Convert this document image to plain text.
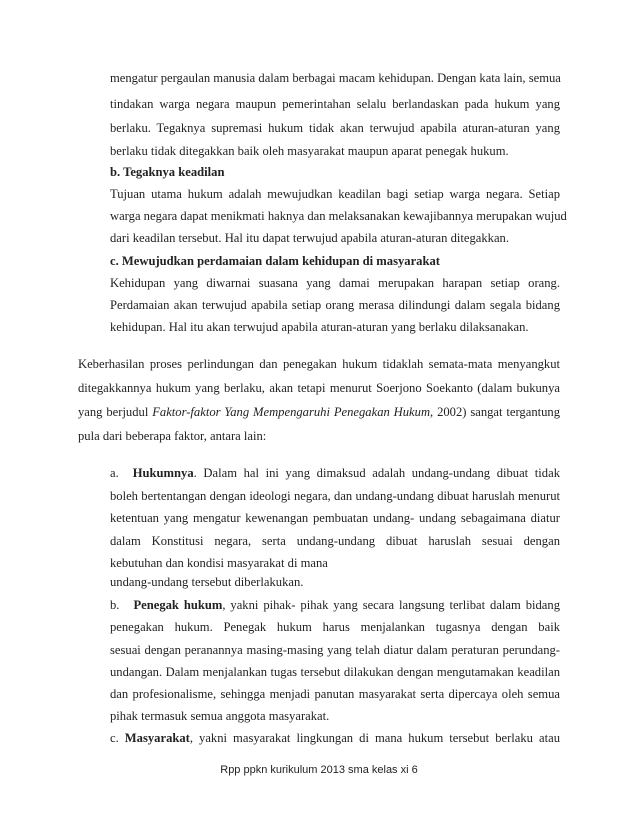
mengatur pergaulan manusia dalam berbagai macam kehidupan. Dengan kata lain, semua
tindakan warga negara maupun pemerintahan selalu berlandaskan pada hukum yang
berlaku. Tegaknya supremasi hukum tidak akan terwujud apabila aturan-aturan yang
berlaku tidak ditegakkan baik oleh masyarakat maupun aparat penegak hukum.
b. Tegaknya keadilan
Tujuan utama hukum adalah mewujudkan keadilan bagi setiap warga negara. Setiap
warga negara dapat menikmati haknya dan melaksanakan kewajibannya merupakan wujud
dari keadilan tersebut. Hal itu dapat terwujud apabila aturan-aturan ditegakkan.
c. Mewujudkan perdamaian dalam kehidupan di masyarakat
Kehidupan yang diwarnai suasana yang damai merupakan harapan setiap orang.
Perdamaian akan terwujud apabila setiap orang merasa dilindungi dalam segala bidang
kehidupan. Hal itu akan terwujud apabila aturan-aturan yang berlaku dilaksanakan.
Keberhasilan proses perlindungan dan penegakan hukum tidaklah semata-mata menyangkut
ditegakkannya hukum yang berlaku, akan tetapi menurut Soerjono Soekanto (dalam bukunya
yang berjudul Faktor-faktor Yang Mempengaruhi Penegakan Hukum, 2002) sangat tergantung
pula dari beberapa faktor, antara lain:
a. Hukumnya. Dalam hal ini yang dimaksud adalah undang-undang dibuat tidak
boleh bertentangan dengan ideologi negara, dan undang-undang dibuat haruslah menurut
ketentuan yang mengatur kewenangan pembuatan undang- undang sebagaimana diatur
dalam Konstitusi negara, serta undang-undang dibuat haruslah sesuai dengan
kebutuhan dan kondisi masyarakat di mana
undang-undang tersebut diberlakukan.
b. Penegak hukum, yakni pihak- pihak yang secara langsung terlibat dalam bidang
penegakan hukum. Penegak hukum harus menjalankan tugasnya dengan baik
sesuai dengan peranannya masing-masing yang telah diatur dalam peraturan perundang-
undangan. Dalam menjalankan tugas tersebut dilakukan dengan mengutamakan keadilan
dan profesionalisme, sehingga menjadi panutan masyarakat serta dipercaya oleh semua
pihak termasuk semua anggota masyarakat.
c. Masyarakat, yakni masyarakat lingkungan di mana hukum tersebut berlaku atau
Rpp ppkn kurikulum 2013 sma kelas xi 6
